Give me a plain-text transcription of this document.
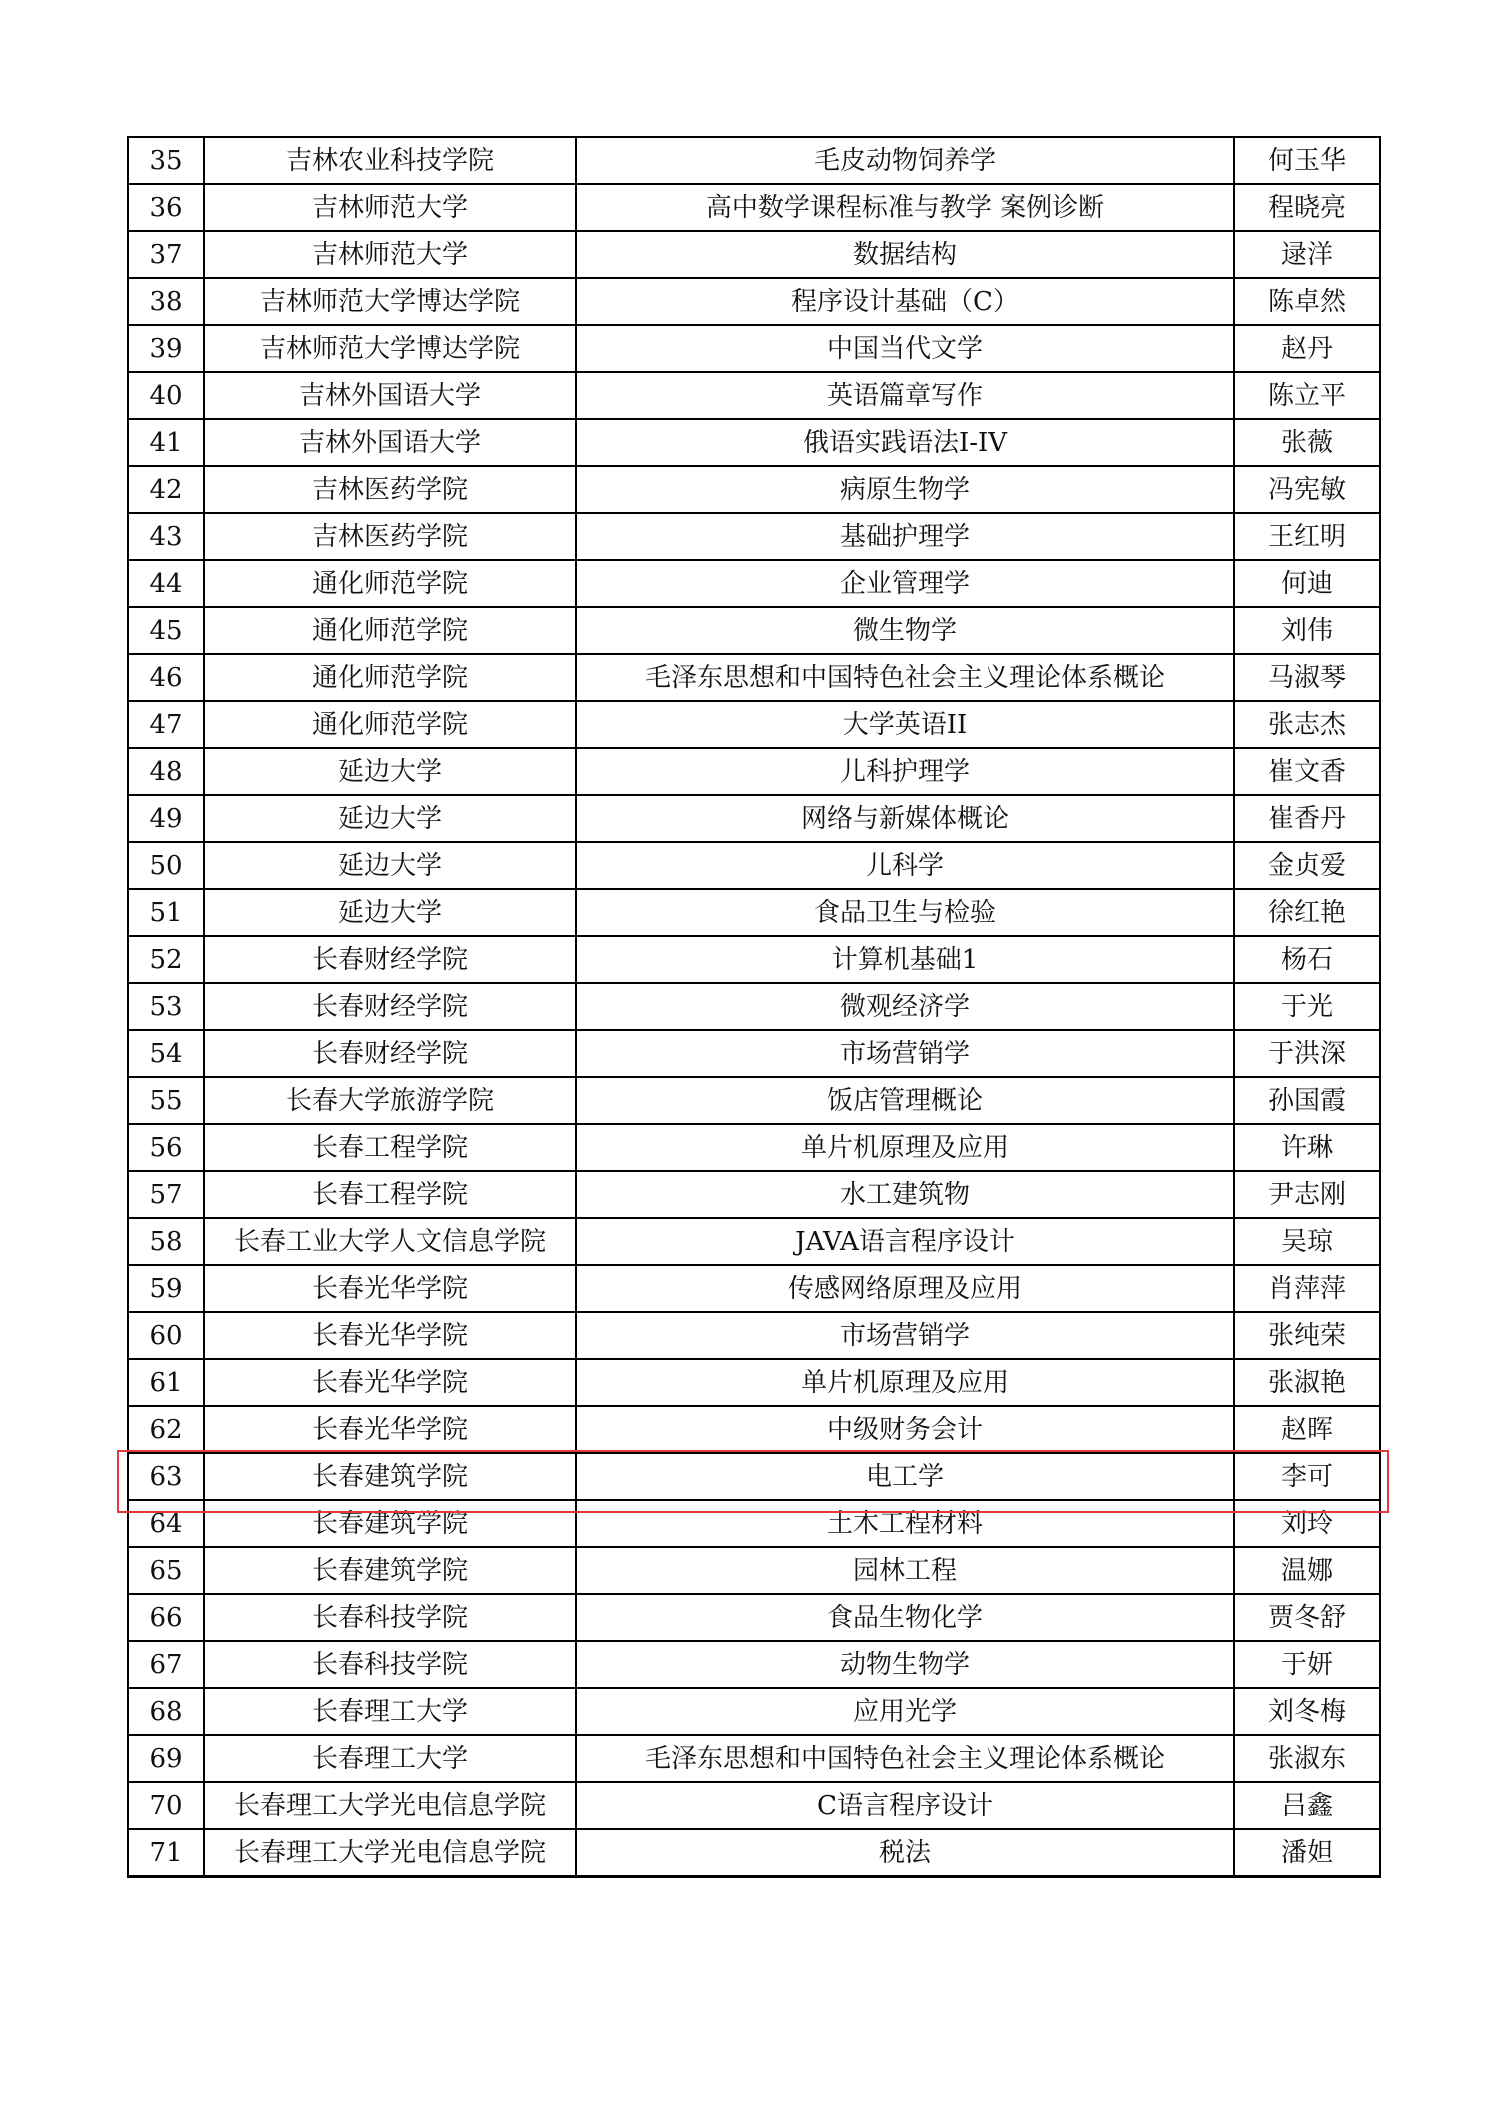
35	吉林农业科技学院	毛皮动物饲养学	何玉华
36	吉林师范大学	高中数学课程标准与教学 案例诊断	程晓亮
37	吉林师范大学	数据结构	逯洋
38	吉林师范大学博达学院	程序设计基础（C）	陈卓然
39	吉林师范大学博达学院	中国当代文学	赵丹
40	吉林外国语大学	英语篇章写作	陈立平
41	吉林外国语大学	俄语实践语法I-IV	张薇
42	吉林医药学院	病原生物学	冯宪敏
43	吉林医药学院	基础护理学	王红明
44	通化师范学院	企业管理学	何迪
45	通化师范学院	微生物学	刘伟
46	通化师范学院	毛泽东思想和中国特色社会主义理论体系概论	马淑琴
47	通化师范学院	大学英语II	张志杰
48	延边大学	儿科护理学	崔文香
49	延边大学	网络与新媒体概论	崔香丹
50	延边大学	儿科学	金贞爱
51	延边大学	食品卫生与检验	徐红艳
52	长春财经学院	计算机基础1	杨石
53	长春财经学院	微观经济学	于光
54	长春财经学院	市场营销学	于洪深
55	长春大学旅游学院	饭店管理概论	孙国霞
56	长春工程学院	单片机原理及应用	许琳
57	长春工程学院	水工建筑物	尹志刚
58	长春工业大学人文信息学院	JAVA语言程序设计	吴琼
59	长春光华学院	传感网络原理及应用	肖萍萍
60	长春光华学院	市场营销学	张纯荣
61	长春光华学院	单片机原理及应用	张淑艳
62	长春光华学院	中级财务会计	赵晖
63	长春建筑学院	电工学	李可
64	长春建筑学院	土木工程材料	刘玲
65	长春建筑学院	园林工程	温娜
66	长春科技学院	食品生物化学	贾冬舒
67	长春科技学院	动物生物学	于妍
68	长春理工大学	应用光学	刘冬梅
69	长春理工大学	毛泽东思想和中国特色社会主义理论体系概论	张淑东
70	长春理工大学光电信息学院	C语言程序设计	吕鑫
71	长春理工大学光电信息学院	税法	潘妲
